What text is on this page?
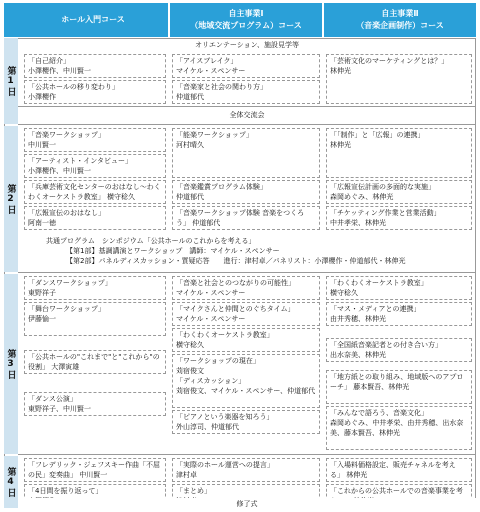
ホール入門コース
自主事業Ⅰ
（地域交流プログラム）コース
自主事業Ⅱ
（音楽企画制作）コース
第1日
第2日
第3日
第4日
オリエンテーション、施設見学等
「自己紹介」
小澤櫻作、中川賢一
「公共ホールの移り変わり」
小澤櫻作
「アイスブレイク」
マイケル・スペンサー
「音楽家と社会の関わり方」
仲道郁代
「芸術文化のマーケティングとは？」
林伸光
全体交流会
「音楽ワークショップ」
中川賢一
「アーティスト・インタビュー」
小澤櫻作、中川賢一
「兵庫芸術文化センターのおはなし〜わくわくオーケストラ教室」 横守稔久
「広報宣伝のおはなし」
阿南一徳
「能楽ワークショップ」
河村晴久
「音楽鑑賞プログラム体験」
仲道郁代
「音楽ワークショップ体験 音楽をつくろう」 仲道郁代
「「制作」と「広報」の連携」
林伸光
「広報宣伝計画の多面的な実施」
森岡めぐみ、林伸光
「チケッティング作業と営業活動」
中井孝栄、林伸光
共通プログラム　シンポジウム「公共ホールのこれからを考える」
【第1部】基調講演とワークショップ　講師：マイケル・スペンサー
【第2部】パネルディスカッション・質疑応答　　進行：津村卓／パネリスト：小澤櫻作・仲道郁代・林伸光
「ダンスワークショップ」
東野祥子
「舞台ワークショップ」
伊藤愉一
「公共ホールの"これまで"と"これから"の役割」 大澤寅雄
「ダンス公演」
東野祥子、中川賢一
「音楽と社会とのつながりの可能性」
マイケル・スペンサー
「マイクさんと仲間とのぐちタイム」
マイケル・スペンサー
「わくわくオーケストラ教室」
横守稔久
「ワークショップの現在」
苅宿俊文
「ディスカッション」
苅宿俊文、マイケル・スペンサー、仲道郁代
「ピアノという楽器を知ろう」
外山淳司、仲道郁代
「わくわくオーケストラ教室」
横守稔久
「マス・メディアとの連携」
由井秀穂、林伸光
「全国紙音楽記者との付き合い方」
出水奈美、林伸光
「地方紙との取り組み、地域版へのアプローチ」 藤本賢吾、林伸光
「みんなで語ろう、音楽文化」
森岡めぐみ、中井孝栄、由井秀穂、出水奈美、藤本賢吾、林伸光
「フレデリック・ジェフスキー作曲「不屈の民」変奏曲」 中川賢一
「4日間を振り返って」
「実際のホール運営への提言」
津村卓
「まとめ」
「入場料価格設定、販売チャネルを考える」 林伸光
「これからの公共ホールでの音楽事業を考
修了式
